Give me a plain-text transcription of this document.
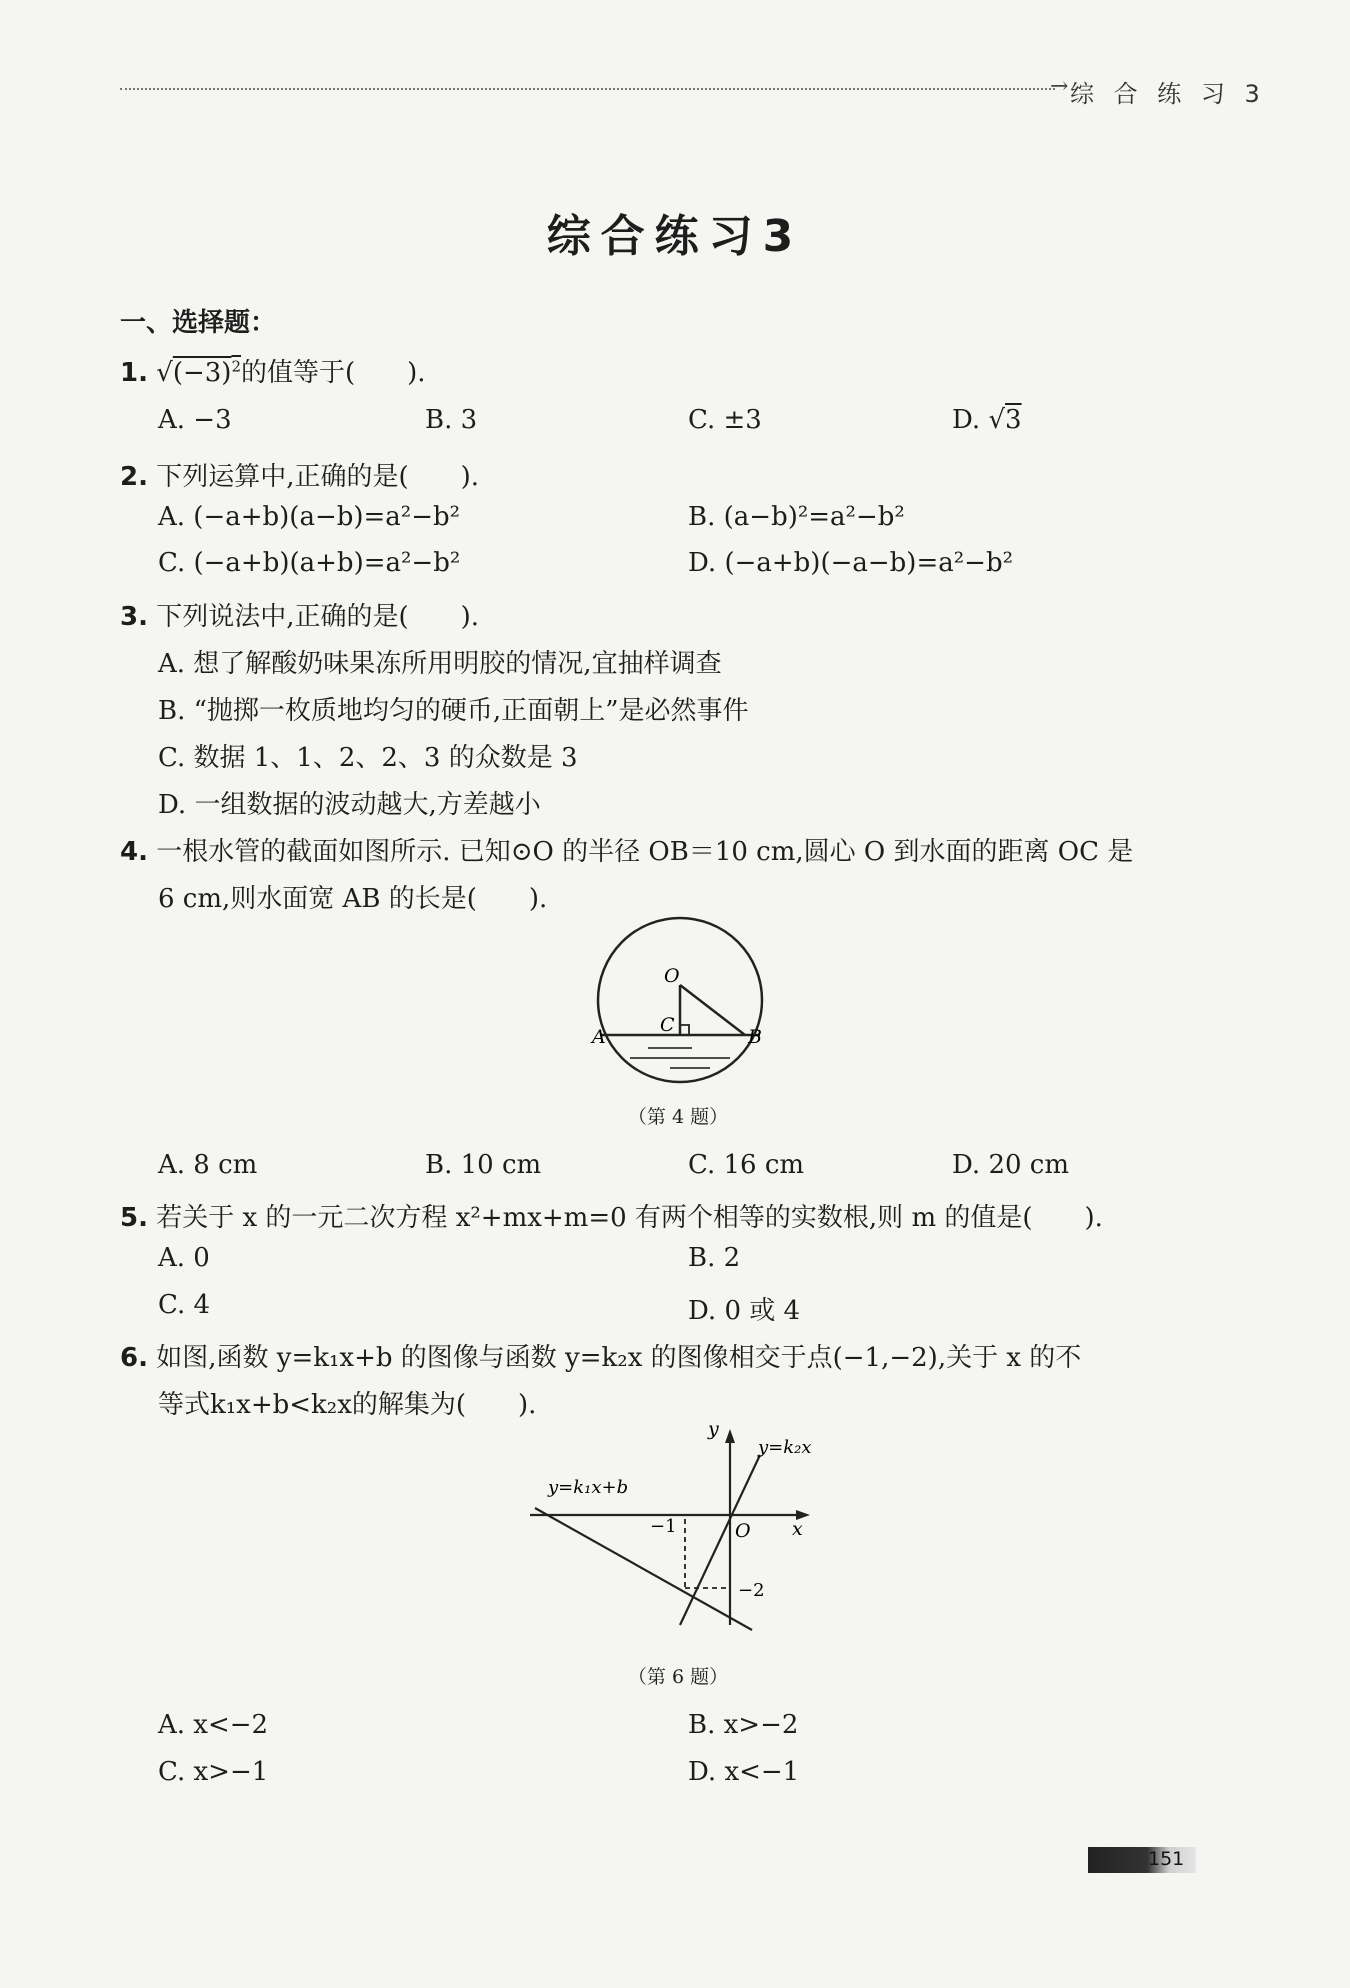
→ 综 合 练 习 3
综合练习3
一、选择题：
1. $√(-3)^2$的值等于(　　).
A. −3	B. 3	C. ±3	D. √3
2. 下列运算中,正确的是(　　).
A. (−a+b)(a−b)=a²−b²	B. (a−b)²=a²−b²
C. (−a+b)(a+b)=a²−b²	D. (−a+b)(−a−b)=a²−b²
3. 下列说法中,正确的是(　　).
A. 想了解酸奶味果冻所用明胶的情况,宜抽样调查
B. “抛掷一枚质地均匀的硬币,正面朝上”是必然事件
C. 数据 1、1、2、2、3 的众数是 3
D. 一组数据的波动越大,方差越小
4. 一根水管的截面如图所示. 已知⊙O 的半径 OB＝10 cm,圆心 O 到水面的距离 OC 是
6 cm,则水面宽 AB 的长是(　　).
O
C
A	B
（第 4 题）
A. 8 cm	B. 10 cm	C. 16 cm	D. 20 cm
5. 若关于 x 的一元二次方程 x²+mx+m=0 有两个相等的实数根,则 m 的值是(　　).
A. 0	B. 2
C. 4	D. 0 或 4
6. 如图,函数 y=k₁x+b 的图像与函数 y=k₂x 的图像相交于点(−1,−2),关于 x 的不
等式k₁x+b<k₂x的解集为(　　).
y
x
O
y=k₂x
y=k₁x+b
−1
−2
（第 6 题）
A. x<−2	B. x>−2
C. x>−1	D. x<−1
151
